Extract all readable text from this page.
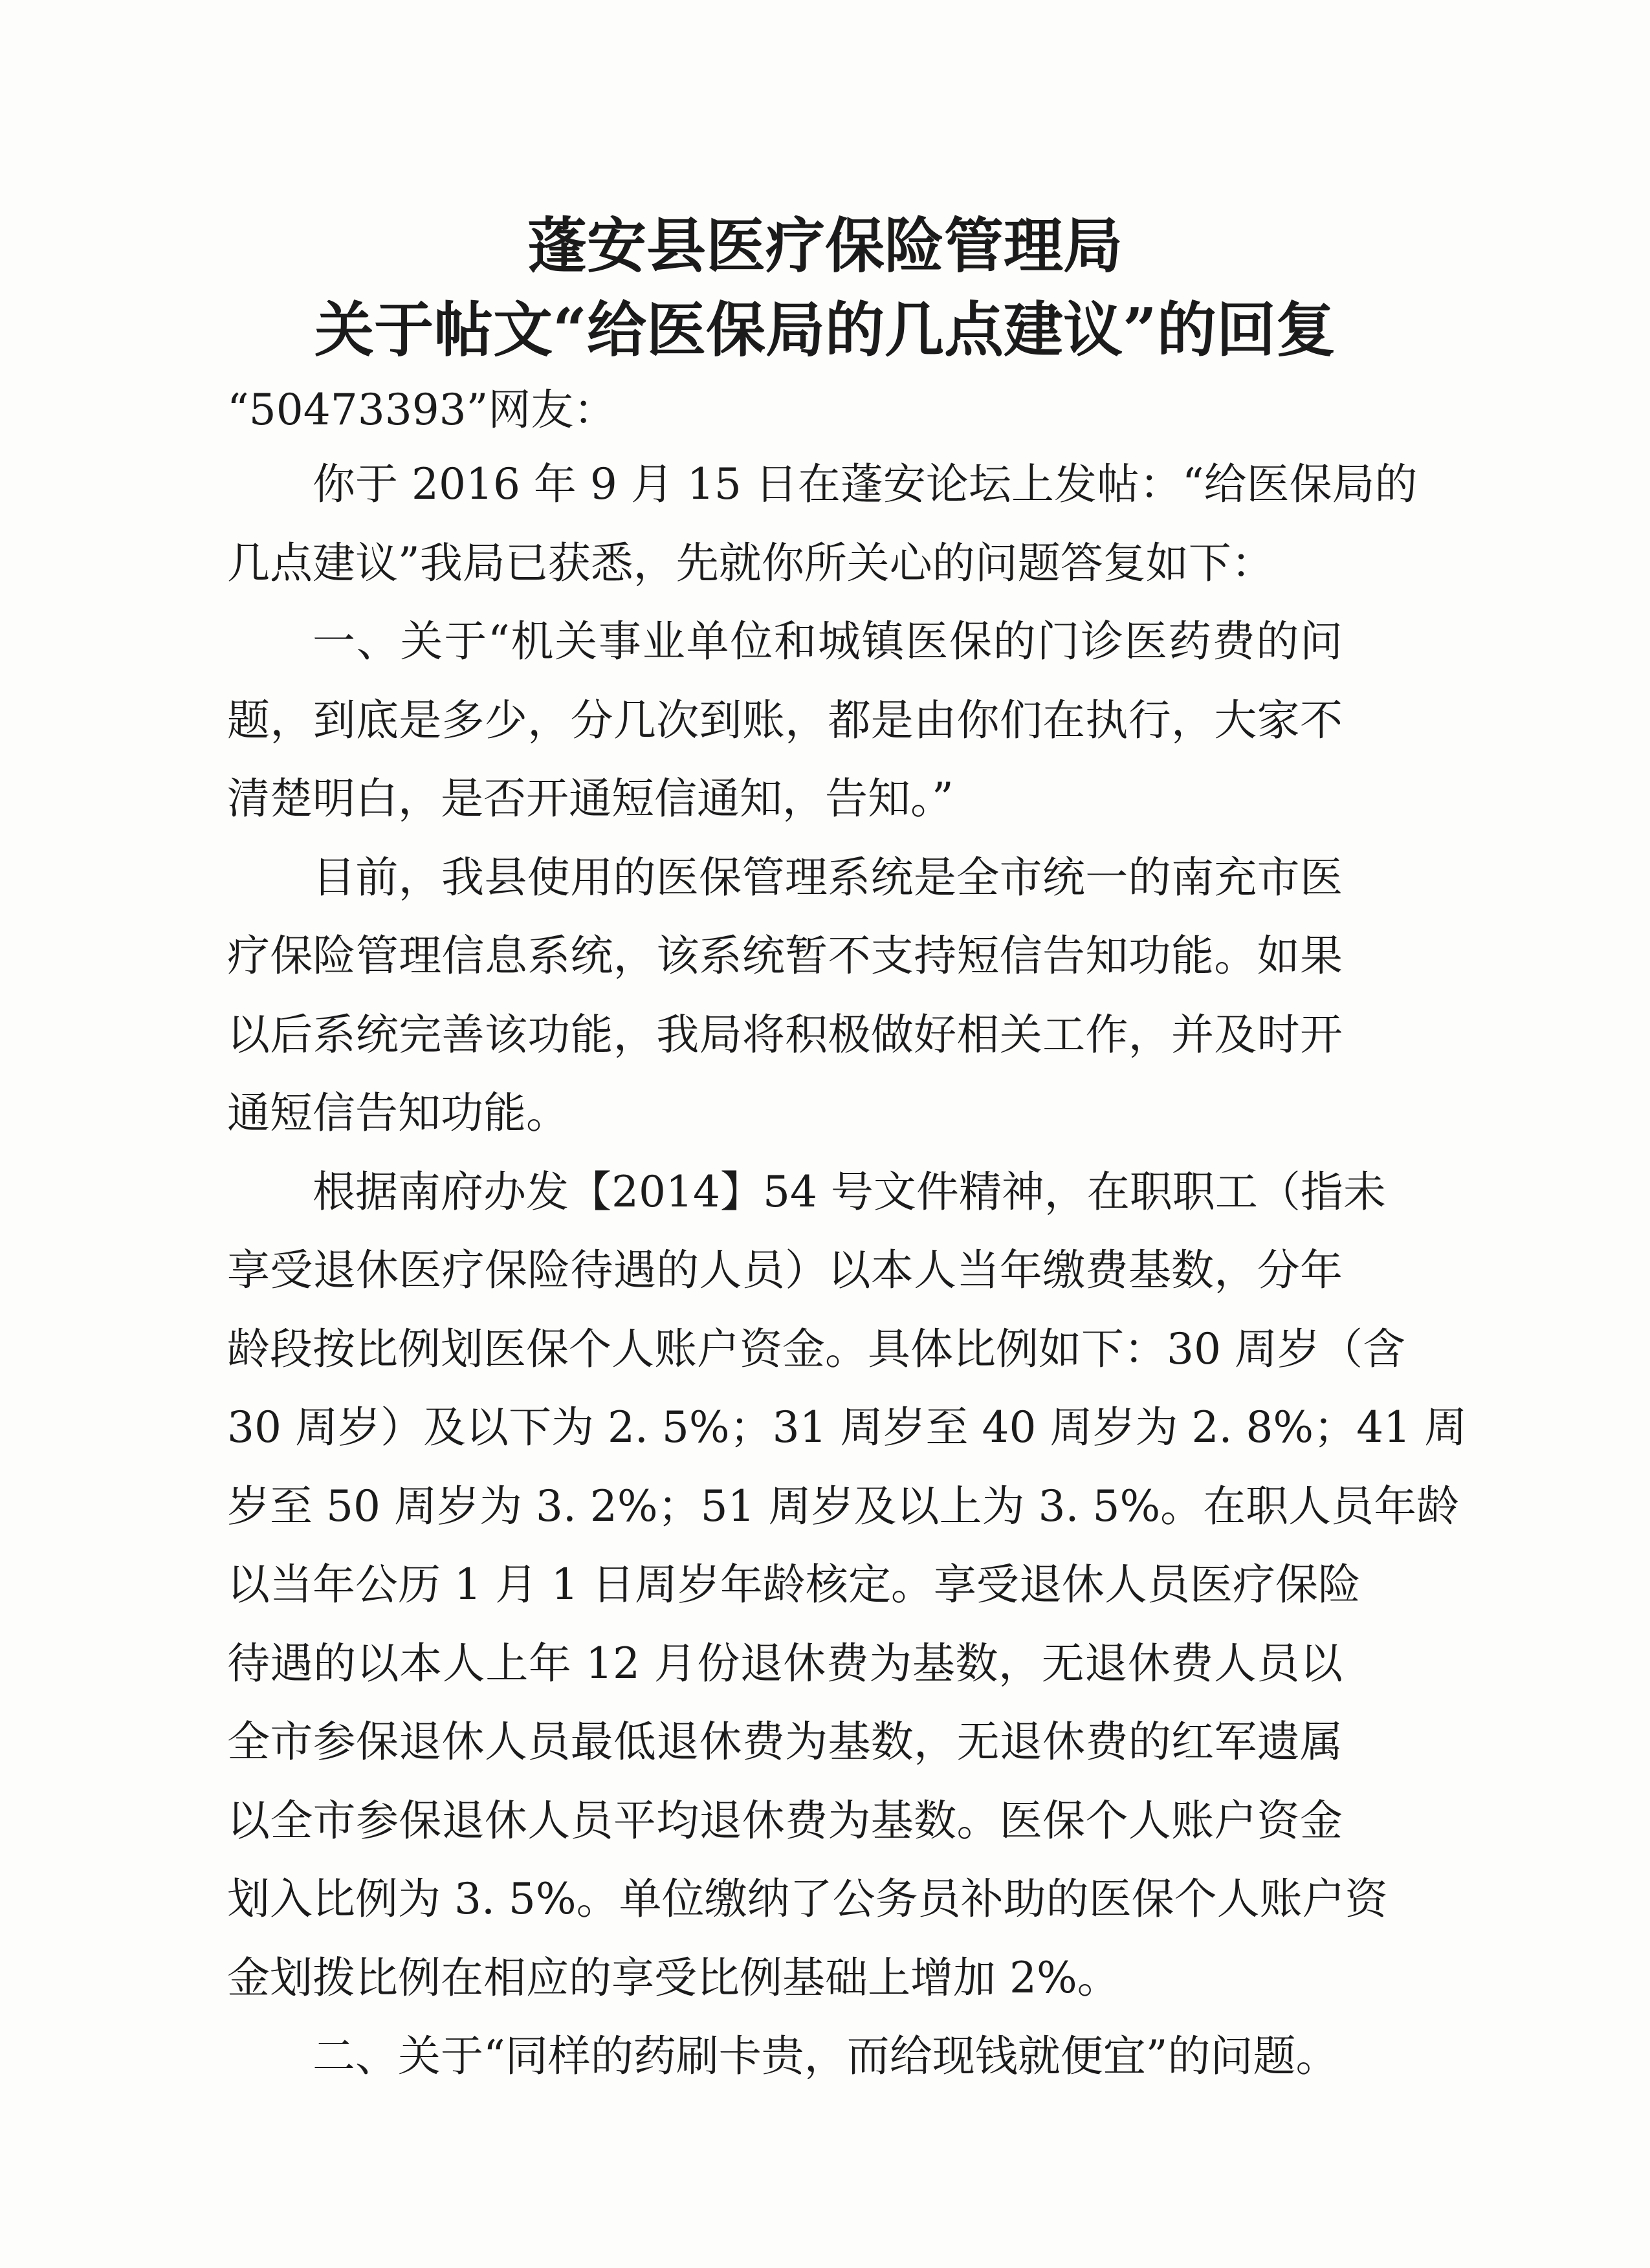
蓬安县医疗保险管理局
关于帖文“给医保局的几点建议”的回复
“50473393”网友：
你于 2016 年 9 月 15 日在蓬安论坛上发帖：“给医保局的
几点建议”我局已获悉，先就你所关心的问题答复如下：
一、关于“机关事业单位和城镇医保的门诊医药费的问
题，到底是多少，分几次到账，都是由你们在执行，大家不
清楚明白，是否开通短信通知，告知。”
目前，我县使用的医保管理系统是全市统一的南充市医
疗保险管理信息系统，该系统暂不支持短信告知功能。如果
以后系统完善该功能，我局将积极做好相关工作，并及时开
通短信告知功能。
根据南府办发【2014】54 号文件精神，在职职工（指未
享受退休医疗保险待遇的人员）以本人当年缴费基数，分年
龄段按比例划医保个人账户资金。具体比例如下：30 周岁（含
30 周岁）及以下为 2. 5%；31 周岁至 40 周岁为 2. 8%；41 周
岁至 50 周岁为 3. 2%；51 周岁及以上为 3. 5%。在职人员年龄
以当年公历 1 月 1 日周岁年龄核定。享受退休人员医疗保险
待遇的以本人上年 12 月份退休费为基数，无退休费人员以
全市参保退休人员最低退休费为基数，无退休费的红军遗属
以全市参保退休人员平均退休费为基数。医保个人账户资金
划入比例为 3. 5%。单位缴纳了公务员补助的医保个人账户资
金划拨比例在相应的享受比例基础上增加 2%。
二、关于“同样的药刷卡贵，而给现钱就便宜”的问题。
